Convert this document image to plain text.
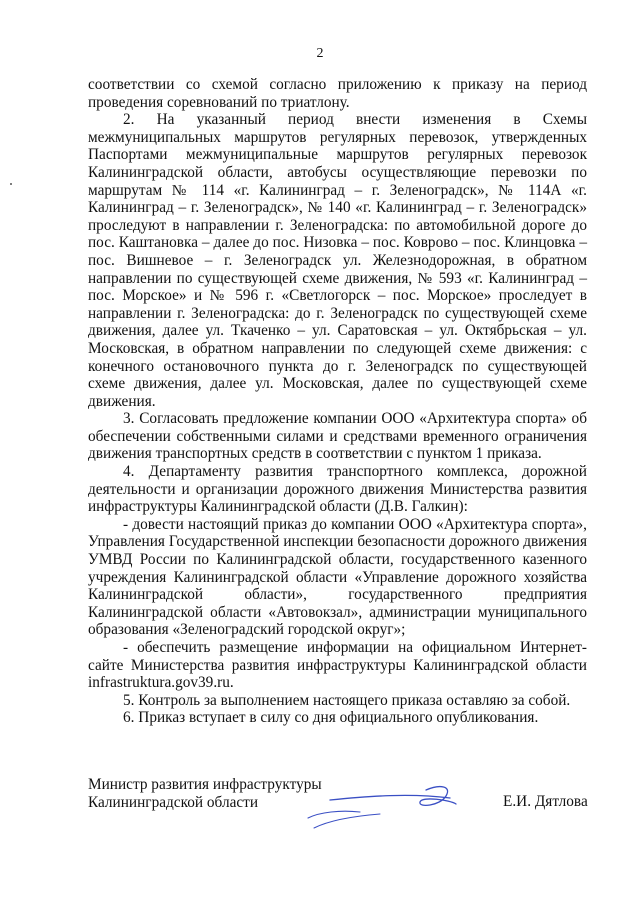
2

соответствии со схемой согласно приложению к приказу на период проведения соревнований по триатлону.

2. На указанный период внести изменения в Схемы межмуниципальных маршрутов регулярных перевозок, утвержденных Паспортами межмуниципальные маршрутов регулярных перевозок Калининградской области, автобусы осуществляющие перевозки по маршрутам № 114 «г. Калининград – г. Зеленоградск», № 114А «г. Калининград – г. Зеленоградск», № 140 «г. Калининград – г. Зеленоградск» проследуют в направлении г. Зеленоградска: по автомобильной дороге до пос. Каштановка – далее до пос. Низовка – пос. Коврово – пос. Клинцовка – пос. Вишневое – г. Зеленоградск ул. Железнодорожная, в обратном направлении по существующей схеме движения, № 593 «г. Калининград – пос. Морское» и № 596 г. «Светлогорск – пос. Морское» проследует в направлении г. Зеленоградска: до г. Зеленоградск по существующей схеме движения, далее ул. Ткаченко – ул. Саратовская – ул. Октябрьская – ул. Московская, в обратном направлении по следующей схеме движения: с конечного остановочного пункта до г. Зеленоградск по существующей схеме движения, далее ул. Московская, далее по существующей схеме движения.

3. Согласовать предложение компании ООО «Архитектура спорта» об обеспечении собственными силами и средствами временного ограничения движения транспортных средств в соответствии с пунктом 1 приказа.

4. Департаменту развития транспортного комплекса, дорожной деятельности и организации дорожного движения Министерства развития инфраструктуры Калининградской области (Д.В. Галкин):

- довести настоящий приказ до компании ООО «Архитектура спорта», Управления Государственной инспекции безопасности дорожного движения УМВД России по Калининградской области, государственного казенного учреждения Калининградской области «Управление дорожного хозяйства Калининградской области», государственного предприятия Калининградской области «Автовокзал», администрации муниципального образования «Зеленоградский городской округ»;

- обеспечить размещение информации на официальном Интернет-сайте Министерства развития инфраструктуры Калининградской области infrastruktura.gov39.ru.

5. Контроль за выполнением настоящего приказа оставляю за собой.

6. Приказ вступает в силу со дня официального опубликования.

Министр развития инфраструктуры
Калининградской области	Е.И. Дятлова
